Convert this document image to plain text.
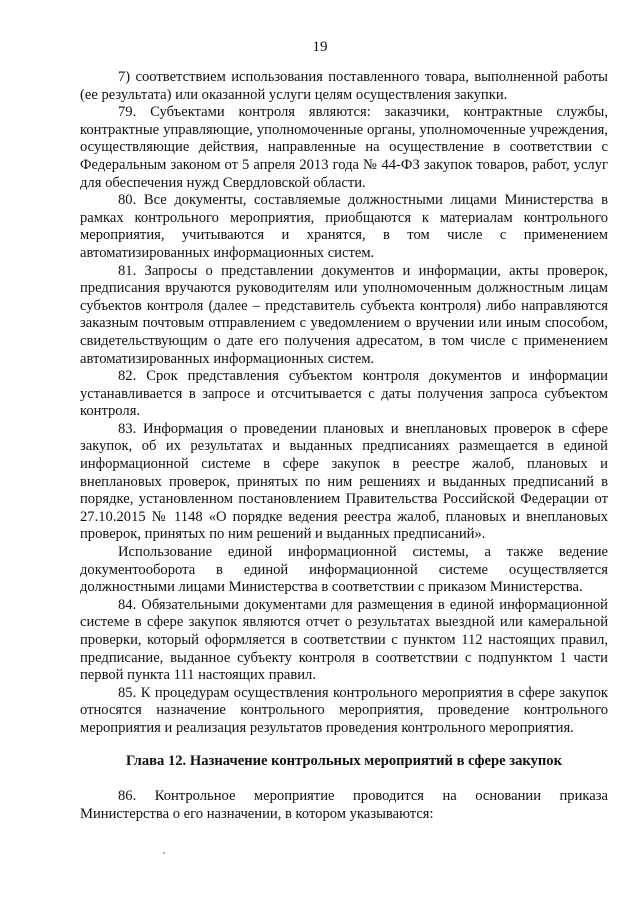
19

7) соответствием использования поставленного товара, выполненной работы (ее результата) или оказанной услуги целям осуществления закупки.

79. Субъектами контроля являются: заказчики, контрактные службы, контрактные управляющие, уполномоченные органы, уполномоченные учреждения, осуществляющие действия, направленные на осуществление в соответствии с Федеральным законом от 5 апреля 2013 года № 44-ФЗ закупок товаров, работ, услуг для обеспечения нужд Свердловской области.

80. Все документы, составляемые должностными лицами Министерства в рамках контрольного мероприятия, приобщаются к материалам контрольного мероприятия, учитываются и хранятся, в том числе с применением автоматизированных информационных систем.

81. Запросы о представлении документов и информации, акты проверок, предписания вручаются руководителям или уполномоченным должностным лицам субъектов контроля (далее – представитель субъекта контроля) либо направляются заказным почтовым отправлением с уведомлением о вручении или иным способом, свидетельствующим о дате его получения адресатом, в том числе с применением автоматизированных информационных систем.

82. Срок представления субъектом контроля документов и информации устанавливается в запросе и отсчитывается с даты получения запроса субъектом контроля.

83. Информация о проведении плановых и внеплановых проверок в сфере закупок, об их результатах и выданных предписаниях размещается в единой информационной системе в сфере закупок в реестре жалоб, плановых и внеплановых проверок, принятых по ним решениях и выданных предписаний в порядке, установленном постановлением Правительства Российской Федерации от 27.10.2015 № 1148 «О порядке ведения реестра жалоб, плановых и внеплановых проверок, принятых по ним решений и выданных предписаний».

Использование единой информационной системы, а также ведение документооборота в единой информационной системе осуществляется должностными лицами Министерства в соответствии с приказом Министерства.

84. Обязательными документами для размещения в единой информационной системе в сфере закупок являются отчет о результатах выездной или камеральной проверки, который оформляется в соответствии с пунктом 112 настоящих правил, предписание, выданное субъекту контроля в соответствии с подпунктом 1 части первой пункта 111 настоящих правил.

85. К процедурам осуществления контрольного мероприятия в сфере закупок относятся назначение контрольного мероприятия, проведение контрольного мероприятия и реализация результатов проведения контрольного мероприятия.

Глава 12. Назначение контрольных мероприятий в сфере закупок

86. Контрольное мероприятие проводится на основании приказа Министерства о его назначении, в котором указываются:
